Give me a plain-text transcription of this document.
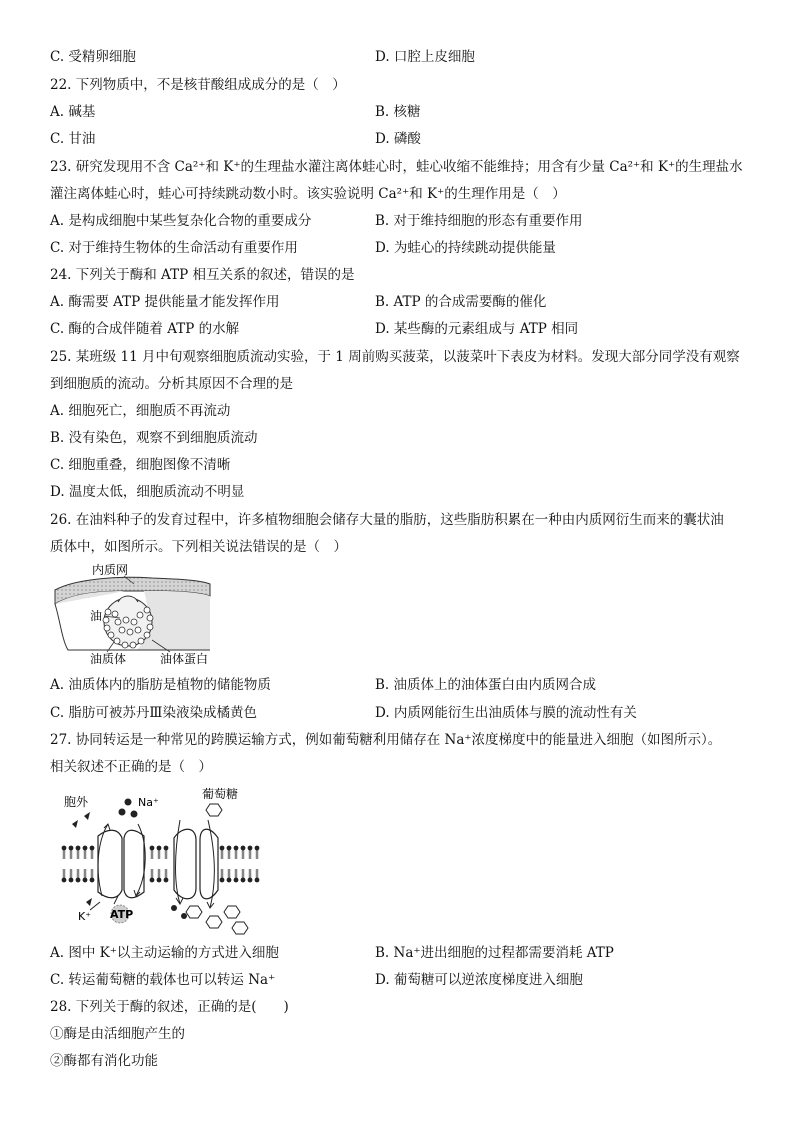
C. 受精卵细胞	D. 口腔上皮细胞
22. 下列物质中，不是核苷酸组成成分的是（　）
A. 碱基	B. 核糖
C. 甘油	D. 磷酸
23. 研究发现用不含 Ca²⁺和 K⁺的生理盐水灌注离体蛙心时，蛙心收缩不能维持；用含有少量 Ca²⁺和 K⁺的生理盐水
灌注离体蛙心时，蛙心可持续跳动数小时。该实验说明 Ca²⁺和 K⁺的生理作用是（　）
A. 是构成细胞中某些复杂化合物的重要成分	B. 对于维持细胞的形态有重要作用
C. 对于维持生物体的生命活动有重要作用	D. 为蛙心的持续跳动提供能量
24. 下列关于酶和 ATP 相互关系的叙述，错误的是
A. 酶需要 ATP 提供能量才能发挥作用	B. ATP 的合成需要酶的催化
C. 酶的合成伴随着 ATP 的水解	D. 某些酶的元素组成与 ATP 相同
25. 某班级 11 月中旬观察细胞质流动实验，于 1 周前购买菠菜，以菠菜叶下表皮为材料。发现大部分同学没有观察
到细胞质的流动。分析其原因不合理的是
A. 细胞死亡，细胞质不再流动
B. 没有染色，观察不到细胞质流动
C. 细胞重叠，细胞图像不清晰
D. 温度太低，细胞质流动不明显
26. 在油料种子的发育过程中，许多植物细胞会储存大量的脂肪，这些脂肪积累在一种由内质网衍生而来的囊状油
质体中，如图所示。下列相关说法错误的是（　）
内质网
油
油质体	油体蛋白
A. 油质体内的脂肪是植物的储能物质	B. 油质体上的油体蛋白由内质网合成
C. 脂肪可被苏丹Ⅲ染液染成橘黄色	D. 内质网能衍生出油质体与膜的流动性有关
27. 协同转运是一种常见的跨膜运输方式，例如葡萄糖利用储存在 Na⁺浓度梯度中的能量进入细胞（如图所示）。
相关叙述不正确的是（　）
胞外	Na⁺
葡萄糖
K⁺ ATP
A. 图中 K⁺以主动运输的方式进入细胞	B. Na⁺进出细胞的过程都需要消耗 ATP
C. 转运葡萄糖的载体也可以转运 Na⁺	D. 葡萄糖可以逆浓度梯度进入细胞
28. 下列关于酶的叙述，正确的是(　　)
①酶是由活细胞产生的
②酶都有消化功能
